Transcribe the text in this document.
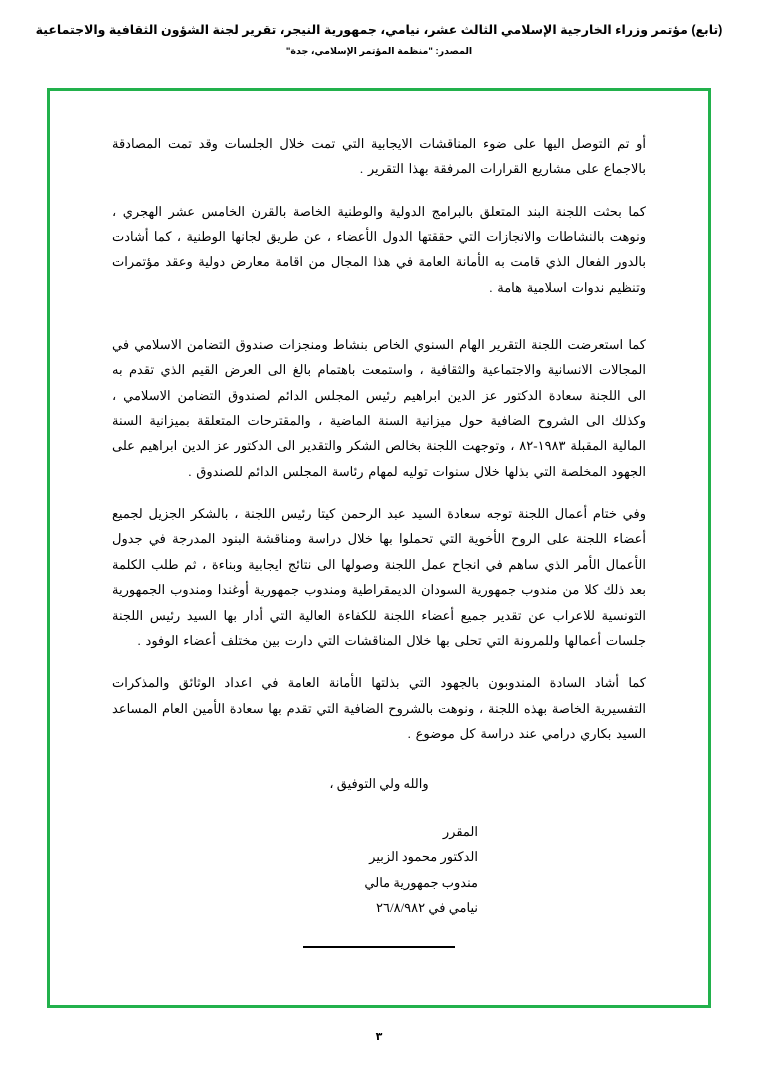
(تابع) مؤتمر وزراء الخارجية الإسلامي الثالث عشر، نيامي، جمهورية النيجر، تقرير لجنة الشؤون الثقافية والاجتماعية
المصدر: "منظمة المؤتمر الإسلامي، جدة"

أو تم التوصل اليها على ضوء المناقشات الايجابية التي تمت خلال الجلسات وقد تمت المصادقة بالاجماع على مشاريع القرارات المرفقة بهذا التقرير .

كما بحثت اللجنة البند المتعلق بالبرامج الدولية والوطنية الخاصة بالقرن الخامس عشر الهجري ، ونوهت بالنشاطات والانجازات التي حققتها الدول الأعضاء ، عن طريق لجانها الوطنية ، كما أشادت بالدور الفعال الذي قامت به الأمانة العامة في هذا المجال من اقامة معارض دولية وعقد مؤتمرات وتنظيم ندوات اسلامية هامة .

كما استعرضت اللجنة التقرير الهام السنوي الخاص بنشاط ومنجزات صندوق التضامن الاسلامي في المجالات الانسانية والاجتماعية والثقافية ، واستمعت باهتمام بالغ الى العرض القيم الذي تقدم به الى اللجنة سعادة الدكتور عز الدين ابراهيم رئيس المجلس الدائم لصندوق التضامن الاسلامي ، وكذلك الى الشروح الضافية حول ميزانية السنة الماضية ، والمقترحات المتعلقة بميزانية السنة المالية المقبلة ١٩٨٣-٨٢ ، وتوجهت اللجنة بخالص الشكر والتقدير الى الدكتور عز الدين ابراهيم على الجهود المخلصة التي بذلها خلال سنوات توليه لمهام رئاسة المجلس الدائم للصندوق .

وفي ختام أعمال اللجنة توجه سعادة السيد عبد الرحمن كيتا رئيس اللجنة ، بالشكر الجزيل لجميع أعضاء اللجنة على الروح الأخوية التي تحملوا بها خلال دراسة ومناقشة البنود المدرجة في جدول الأعمال الأمر الذي ساهم في انجاح عمل اللجنة وصولها الى نتائج ايجابية وبناءة ، ثم طلب الكلمة بعد ذلك كلا من مندوب جمهورية السودان الديمقراطية ومندوب جمهورية أوغندا ومندوب الجمهورية التونسية للاعراب عن تقدير جميع أعضاء اللجنة للكفاءة العالية التي أدار بها السيد رئيس اللجنة جلسات أعمالها وللمرونة التي تحلى بها خلال المناقشات التي دارت بين مختلف أعضاء الوفود .

كما أشاد السادة المندوبون بالجهود التي بذلتها الأمانة العامة في اعداد الوثائق والمذكرات التفسيرية الخاصة بهذه اللجنة ، ونوهت بالشروح الضافية التي تقدم بها سعادة الأمين العام المساعد السيد بكاري درامي عند دراسة كل موضوع .

والله ولي التوفيق ،

المقرر
الدكتور محمود الزبير
مندوب جمهورية مالي
نيامي في ٢٦/٨/٩٨٢
٣
